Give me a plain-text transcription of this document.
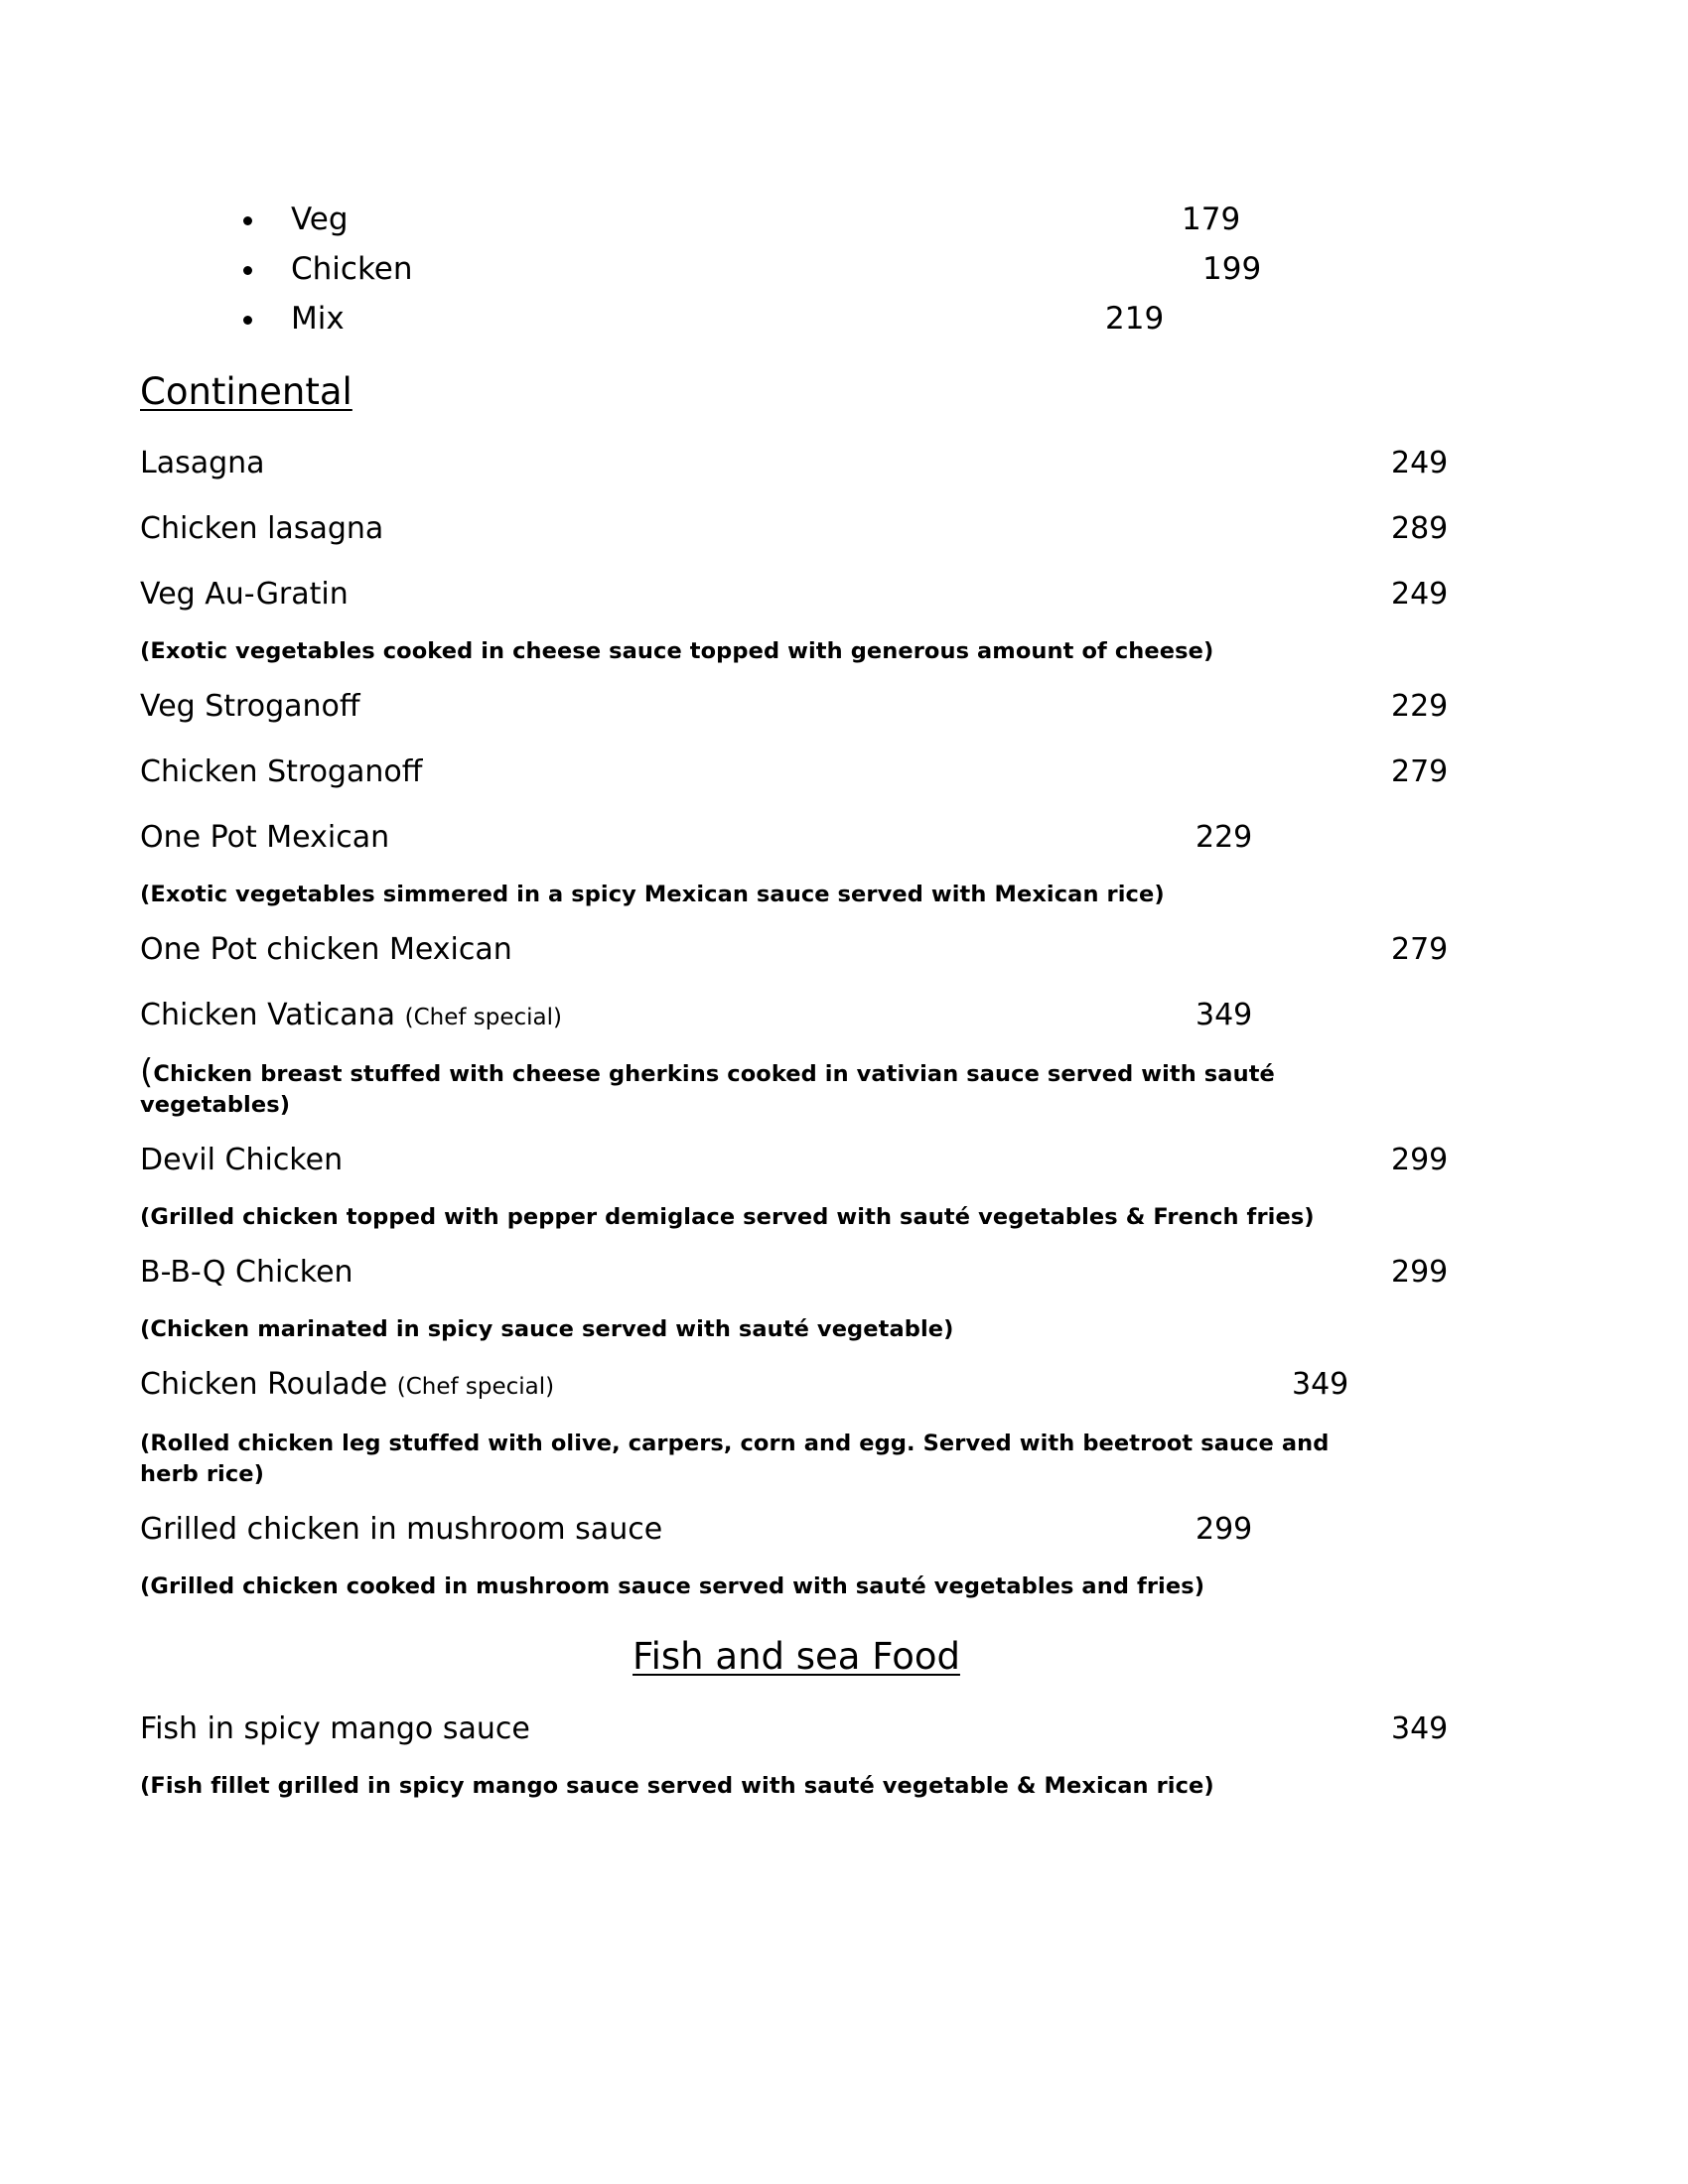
Veg	179
Chicken	199
Mix	219
Continental
Lasagna	249
Chicken lasagna	289
Veg Au-Gratin	249
(Exotic vegetables cooked in cheese sauce topped with generous amount of cheese)
Veg Stroganoff	229
Chicken Stroganoff	279
One Pot Mexican	229
(Exotic vegetables simmered in a spicy Mexican sauce served with Mexican rice)
One Pot chicken Mexican	279
Chicken Vaticana (Chef special)	349
(Chicken breast stuffed with cheese gherkins cooked in vativian sauce served with sauté vegetables)
Devil Chicken	299
(Grilled chicken topped with pepper demiglace served with sauté vegetables & French fries)
B-B-Q Chicken	299
(Chicken marinated in spicy sauce served with sauté vegetable)
Chicken Roulade (Chef special)	349
(Rolled chicken leg stuffed with olive, carpers, corn and egg. Served with beetroot sauce and herb rice)
Grilled chicken in mushroom sauce	299
(Grilled chicken cooked in mushroom sauce served with sauté vegetables and fries)
Fish and sea Food
Fish in spicy mango sauce	349
(Fish fillet grilled in spicy mango sauce served with sauté vegetable & Mexican rice)
